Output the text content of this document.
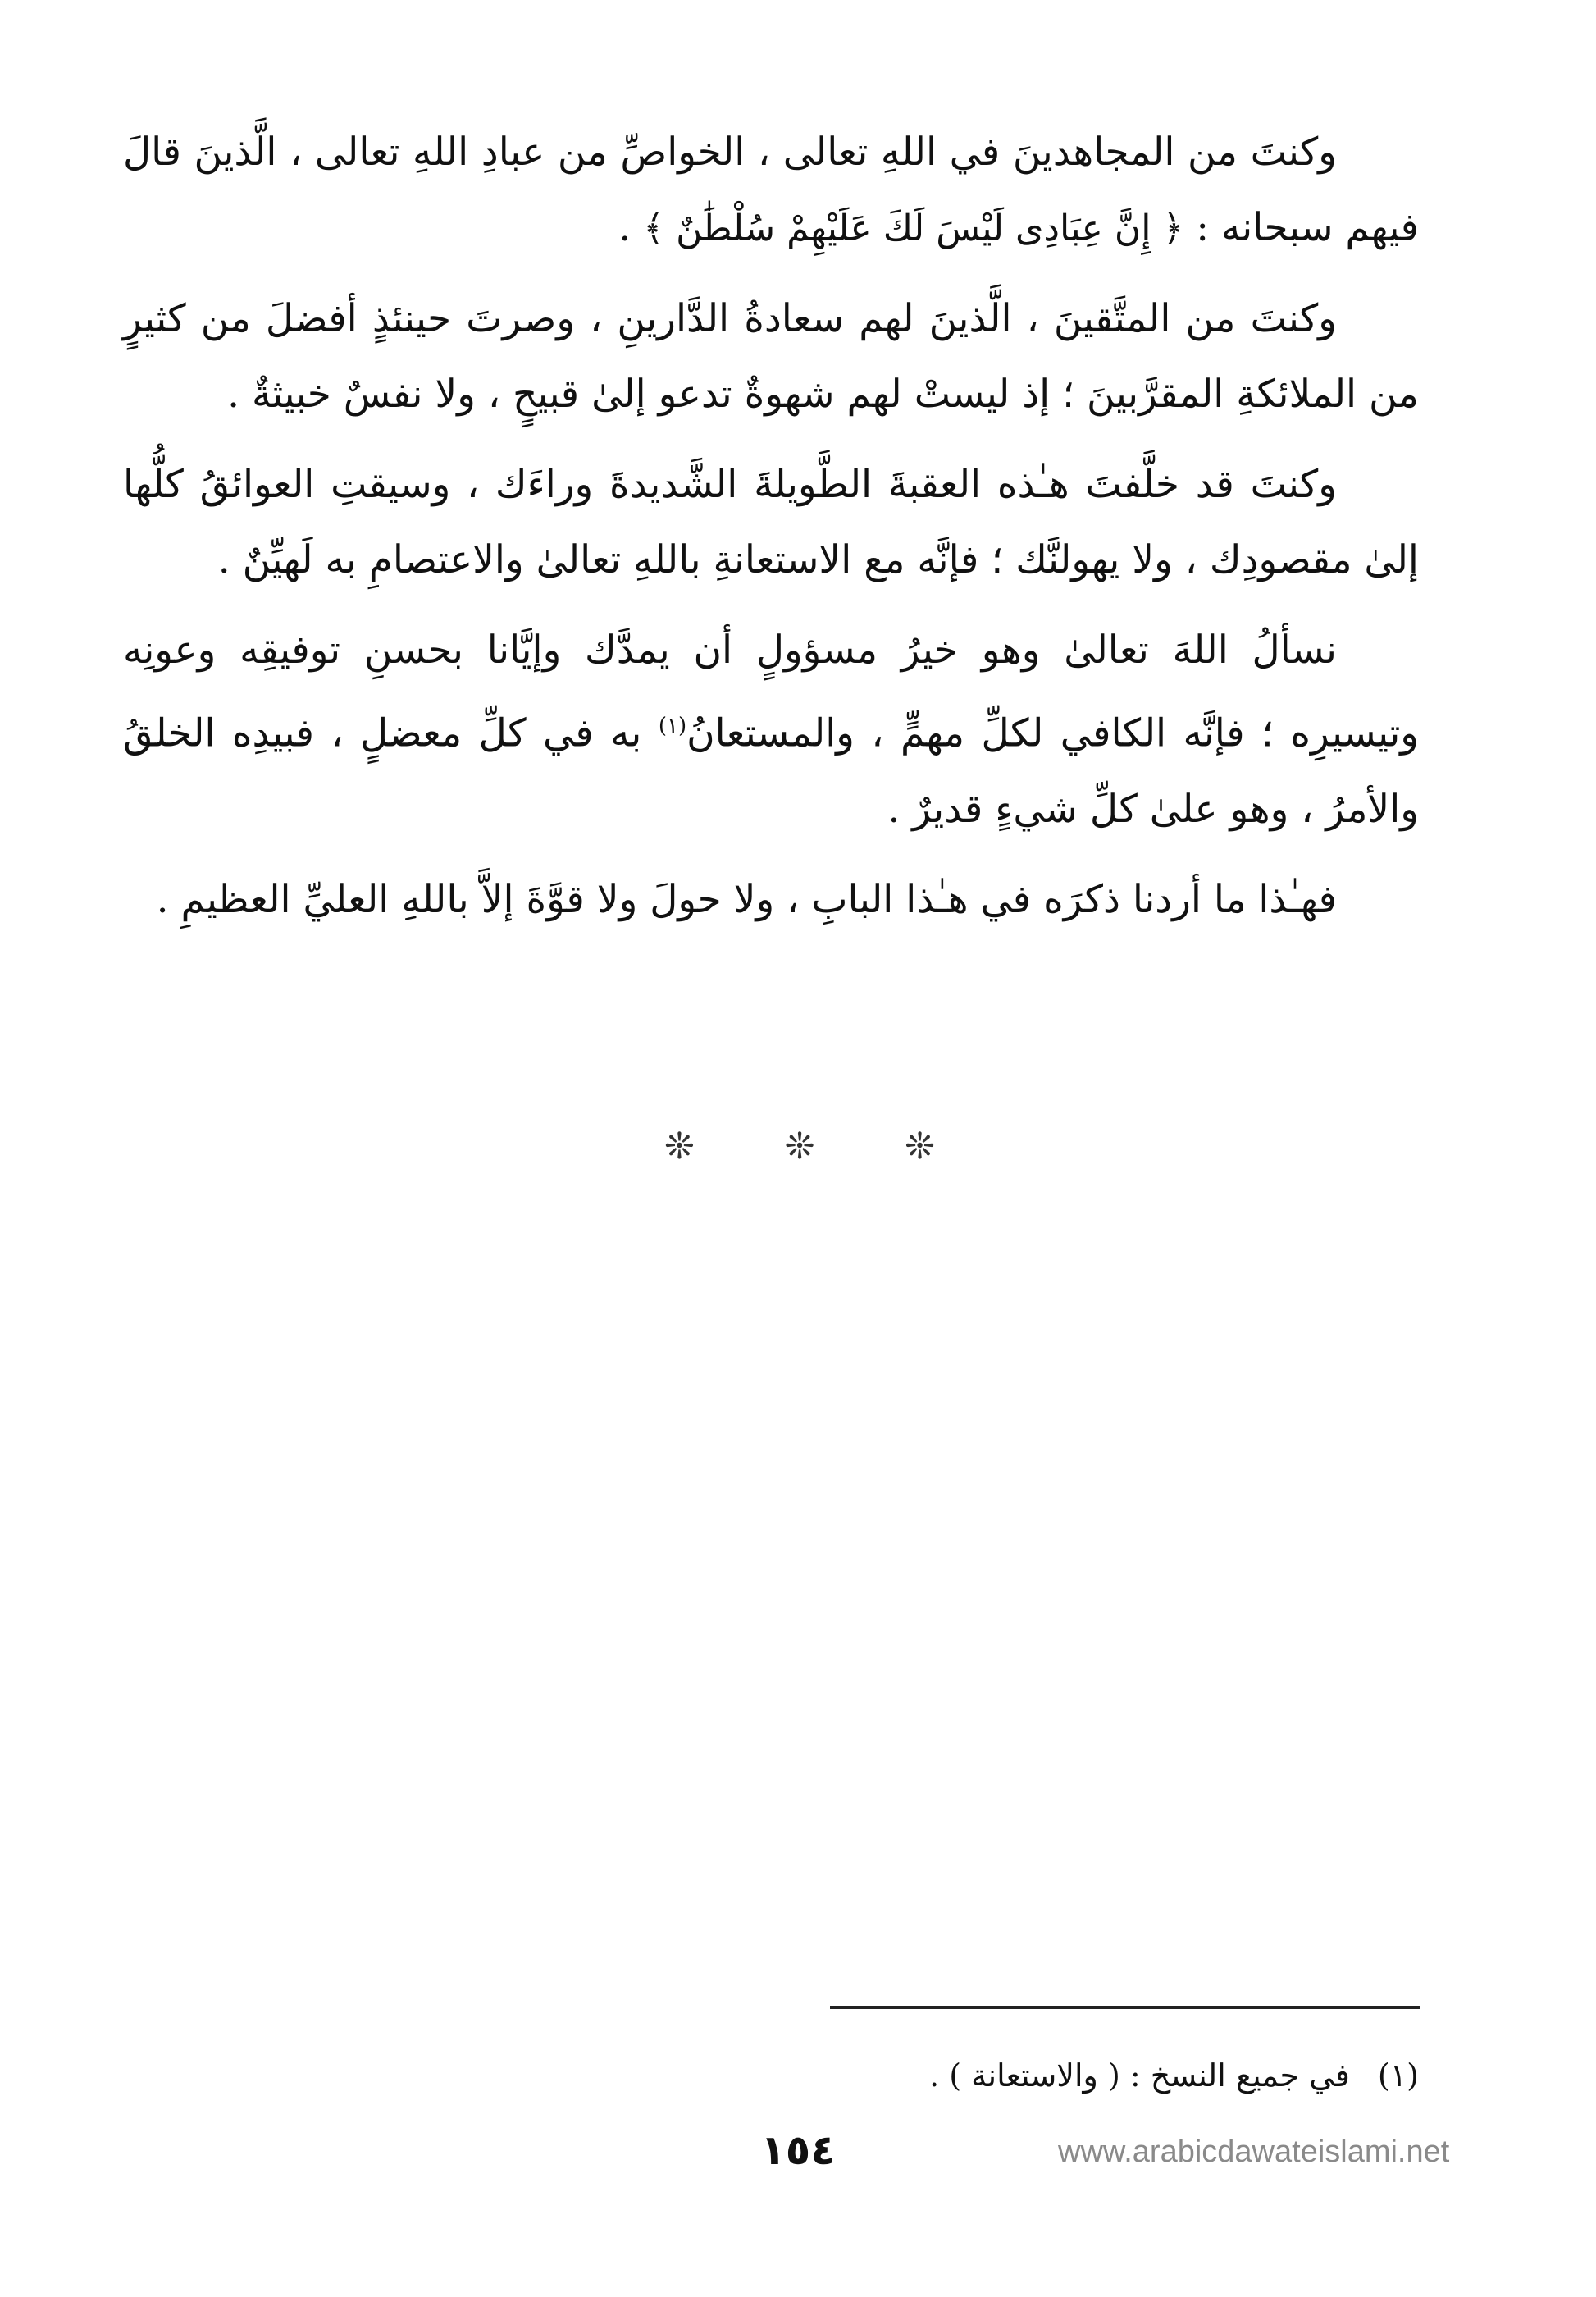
وكنتَ من المجاهدينَ في اللهِ تعالى ، الخواصِّ من عبادِ اللهِ تعالى ، الَّذينَ قالَ فيهم سبحانه : ﴿ إِنَّ عِبَادِى لَيْسَ لَكَ عَلَيْهِمْ سُلْطَٰنٌ ﴾ .

وكنتَ من المتَّقينَ ، الَّذينَ لهم سعادةُ الدَّارينِ ، وصرتَ حينئذٍ أفضلَ من كثيرٍ من الملائكةِ المقرَّبينَ ؛ إذ ليستْ لهم شهوةٌ تدعو إلىٰ قبيحٍ ، ولا نفسٌ خبيثةٌ .

وكنتَ قد خلَّفتَ هـٰذه العقبةَ الطَّويلةَ الشَّديدةَ وراءَك ، وسيقتِ العوائقُ كلُّها إلىٰ مقصودِك ، ولا يهولنَّك ؛ فإنَّه مع الاستعانةِ باللهِ تعالىٰ والاعتصامِ به لَهيِّنٌ .

نسألُ اللهَ تعالىٰ وهو خيرُ مسؤولٍ أن يمدَّك وإيَّانا بحسنِ توفيقِه وعونِه وتيسيرِه ؛ فإنَّه الكافي لكلِّ مهمٍّ ، والمستعانُ$^{(١)}$ به في كلِّ معضلٍ ، فبيدِه الخلقُ والأمرُ ، وهو علىٰ كلِّ شيءٍ قديرٌ .

فهـٰذا ما أردنا ذكرَه في هـٰذا البابِ ، ولا حولَ ولا قوَّةَ إلاَّ باللهِ العليِّ العظيمِ .

❊ ❊ ❊
(١)في جميع النسخ : ( والاستعانة ) .
١٥٤	www.arabicdawateislami.net
